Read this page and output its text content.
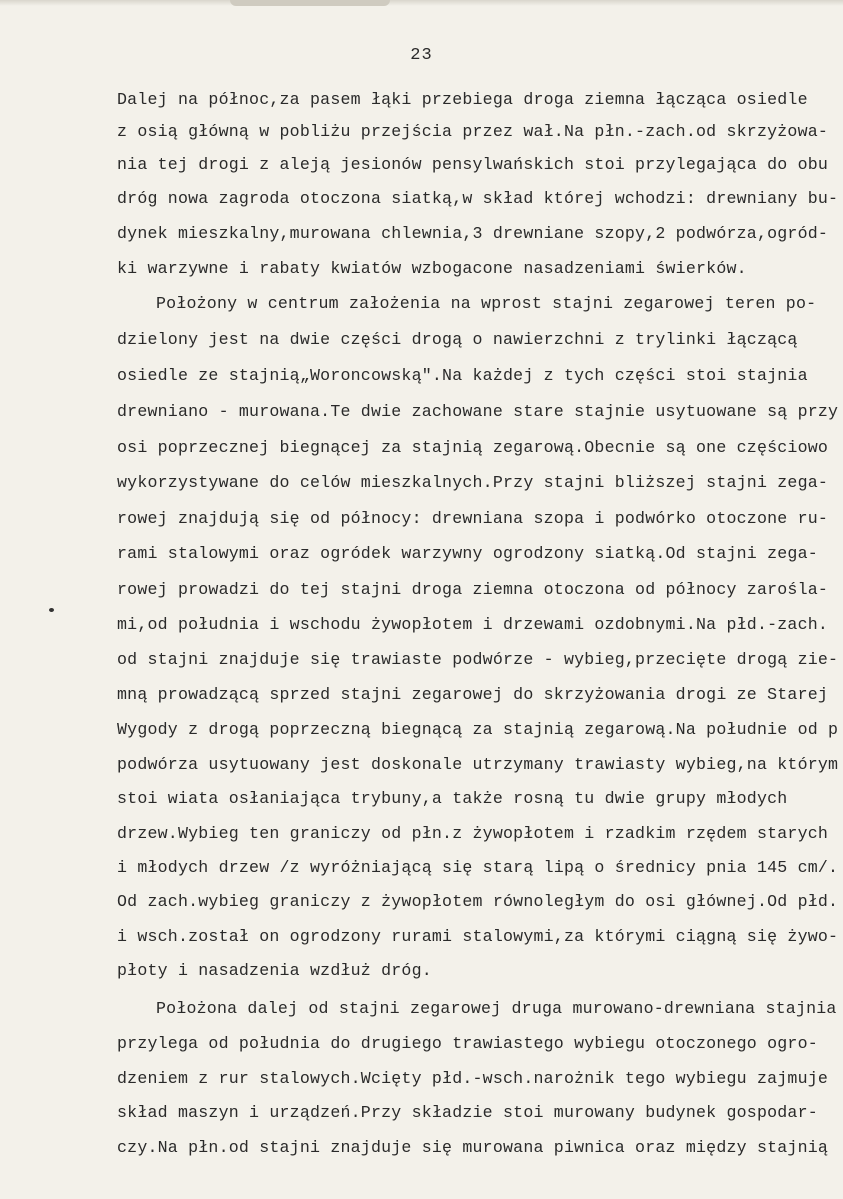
23
Dalej na północ,za pasem łąki przebiega droga ziemna łącząca osiedle
z osią główną w pobliżu przejścia przez wał.Na płn.-zach.od skrzyżowa-
nia tej drogi z aleją jesionów pensylwańskich stoi przylegająca do obu
dróg nowa zagroda otoczona siatką,w skład której wchodzi: drewniany bu-
dynek mieszkalny,murowana chlewnia,3 drewniane szopy,2 podwórza,ogród-
ki warzywne i rabaty kwiatów wzbogacone nasadzeniami świerków.
Położony w centrum założenia na wprost stajni zegarowej teren po-
dzielony jest na dwie części drogą o nawierzchni z trylinki łączącą
osiedle ze stajnią„Woroncowską".Na każdej z tych części stoi stajnia
drewniano - murowana.Te dwie zachowane stare stajnie usytuowane są przy
osi poprzecznej biegnącej za stajnią zegarową.Obecnie są one częściowo
wykorzystywane do celów mieszkalnych.Przy stajni bliższej stajni zega-
rowej znajdują się od północy: drewniana szopa i podwórko otoczone ru-
rami stalowymi oraz ogródek warzywny ogrodzony siatką.Od stajni zega-
rowej prowadzi do tej stajni droga ziemna otoczona od północy zaroślа-
mi,od południa i wschodu żywopłotem i drzewami ozdobnymi.Na płd.-zach.
od stajni znajduje się trawiaste podwórze - wybieg,przecięte drogą zie-
mną prowadzącą sprzed stajni zegarowej do skrzyżowania drogi ze Starej
Wygody z drogą poprzeczną biegnącą za stajnią zegarową.Na południe od p
podwórza usytuowany jest doskonale utrzymany trawiasty wybieg,na którym
stoi wiata osłaniająca trybuny,a także rosną tu dwie grupy młodych
drzew.Wybieg ten graniczy od płn.z żywopłotem i rzadkim rzędem starych
i młodych drzew /z wyróżniającą się starą lipą o średnicy pnia 145 cm/.
Od zach.wybieg graniczy z żywopłotem równoległym do osi głównej.Od płd.
i wsch.został on ogrodzony rurami stalowymi,za którymi ciągną się żywo-
płoty i nasadzenia wzdłuż dróg.
Położona dalej od stajni zegarowej druga murowano-drewniana stajnia
przylega od południa do drugiego trawiastego wybiegu otoczonego ogro-
dzeniem z rur stalowych.Wcięty płd.-wsch.narożnik tego wybiegu zajmuje
skład maszyn i urządzeń.Przy składzie stoi murowany budynek gospodar-
czy.Na płn.od stajni znajduje się murowana piwnica oraz między stajnią
